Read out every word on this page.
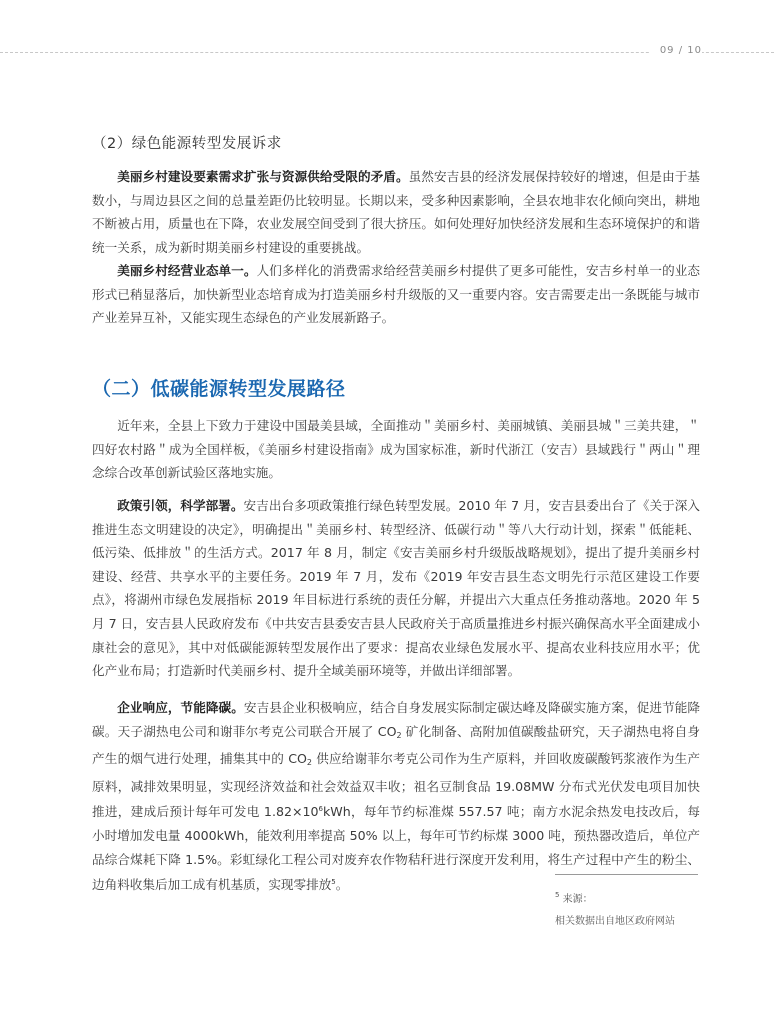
09 / 10
（2）绿色能源转型发展诉求

美丽乡村建设要素需求扩张与资源供给受限的矛盾。虽然安吉县的经济发展保持较好的增速，但是由于基数小，与周边县区之间的总量差距仍比较明显。长期以来，受多种因素影响，全县农地非农化倾向突出，耕地不断被占用，质量也在下降，农业发展空间受到了很大挤压。如何处理好加快经济发展和生态环境保护的和谐统一关系，成为新时期美丽乡村建设的重要挑战。

美丽乡村经营业态单一。人们多样化的消费需求给经营美丽乡村提供了更多可能性，安吉乡村单一的业态形式已稍显落后，加快新型业态培育成为打造美丽乡村升级版的又一重要内容。安吉需要走出一条既能与城市产业差异互补，又能实现生态绿色的产业发展新路子。

（二）低碳能源转型发展路径

近年来，全县上下致力于建设中国最美县域，全面推动＂美丽乡村、美丽城镇、美丽县城＂三美共建，＂四好农村路＂成为全国样板，《美丽乡村建设指南》成为国家标准，新时代浙江（安吉）县域践行＂两山＂理念综合改革创新试验区落地实施。

政策引领，科学部署。安吉出台多项政策推行绿色转型发展。2010 年 7 月，安吉县委出台了《关于深入推进生态文明建设的决定》，明确提出＂美丽乡村、转型经济、低碳行动＂等八大行动计划，探索＂低能耗、低污染、低排放＂的生活方式。2017 年 8 月，制定《安吉美丽乡村升级版战略规划》，提出了提升美丽乡村建设、经营、共享水平的主要任务。2019 年 7 月，发布《2019 年安吉县生态文明先行示范区建设工作要点》，将湖州市绿色发展指标 2019 年目标进行系统的责任分解，并提出六大重点任务推动落地。2020 年 5 月 7 日，安吉县人民政府发布《中共安吉县委安吉县人民政府关于高质量推进乡村振兴确保高水平全面建成小康社会的意见》，其中对低碳能源转型发展作出了要求：提高农业绿色发展水平、提高农业科技应用水平；优化产业布局；打造新时代美丽乡村、提升全域美丽环境等，并做出详细部署。

企业响应，节能降碳。安吉县企业积极响应，结合自身发展实际制定碳达峰及降碳实施方案，促进节能降碳。天子湖热电公司和谢菲尔考克公司联合开展了 $CO_2$ 矿化制备、高附加值碳酸盐研究，天子湖热电将自身产生的烟气进行处理，捕集其中的 $CO_2$ 供应给谢菲尔考克公司作为生产原料，并回收废碳酸钙浆液作为生产原料，减排效果明显，实现经济效益和社会效益双丰收；祖名豆制食品 19.08MW 分布式光伏发电项目加快推进，建成后预计每年可发电 $1.82\times 10^6kWh$，每年节约标准煤 557.57 吨；南方水泥余热发电技改后，每小时增加发电量 4000kWh，能效利用率提高 50% 以上，每年可节约标煤 3000 吨，预热器改造后，单位产品综合煤耗下降 1.5%。彩虹绿化工程公司对废弃农作物秸秆进行深度开发利用，将生产过程中产生的粉尘、边角料收集后加工成有机基质，实现零排放$^5$。

$^5$ 来源：
相关数据出自地区政府网站
